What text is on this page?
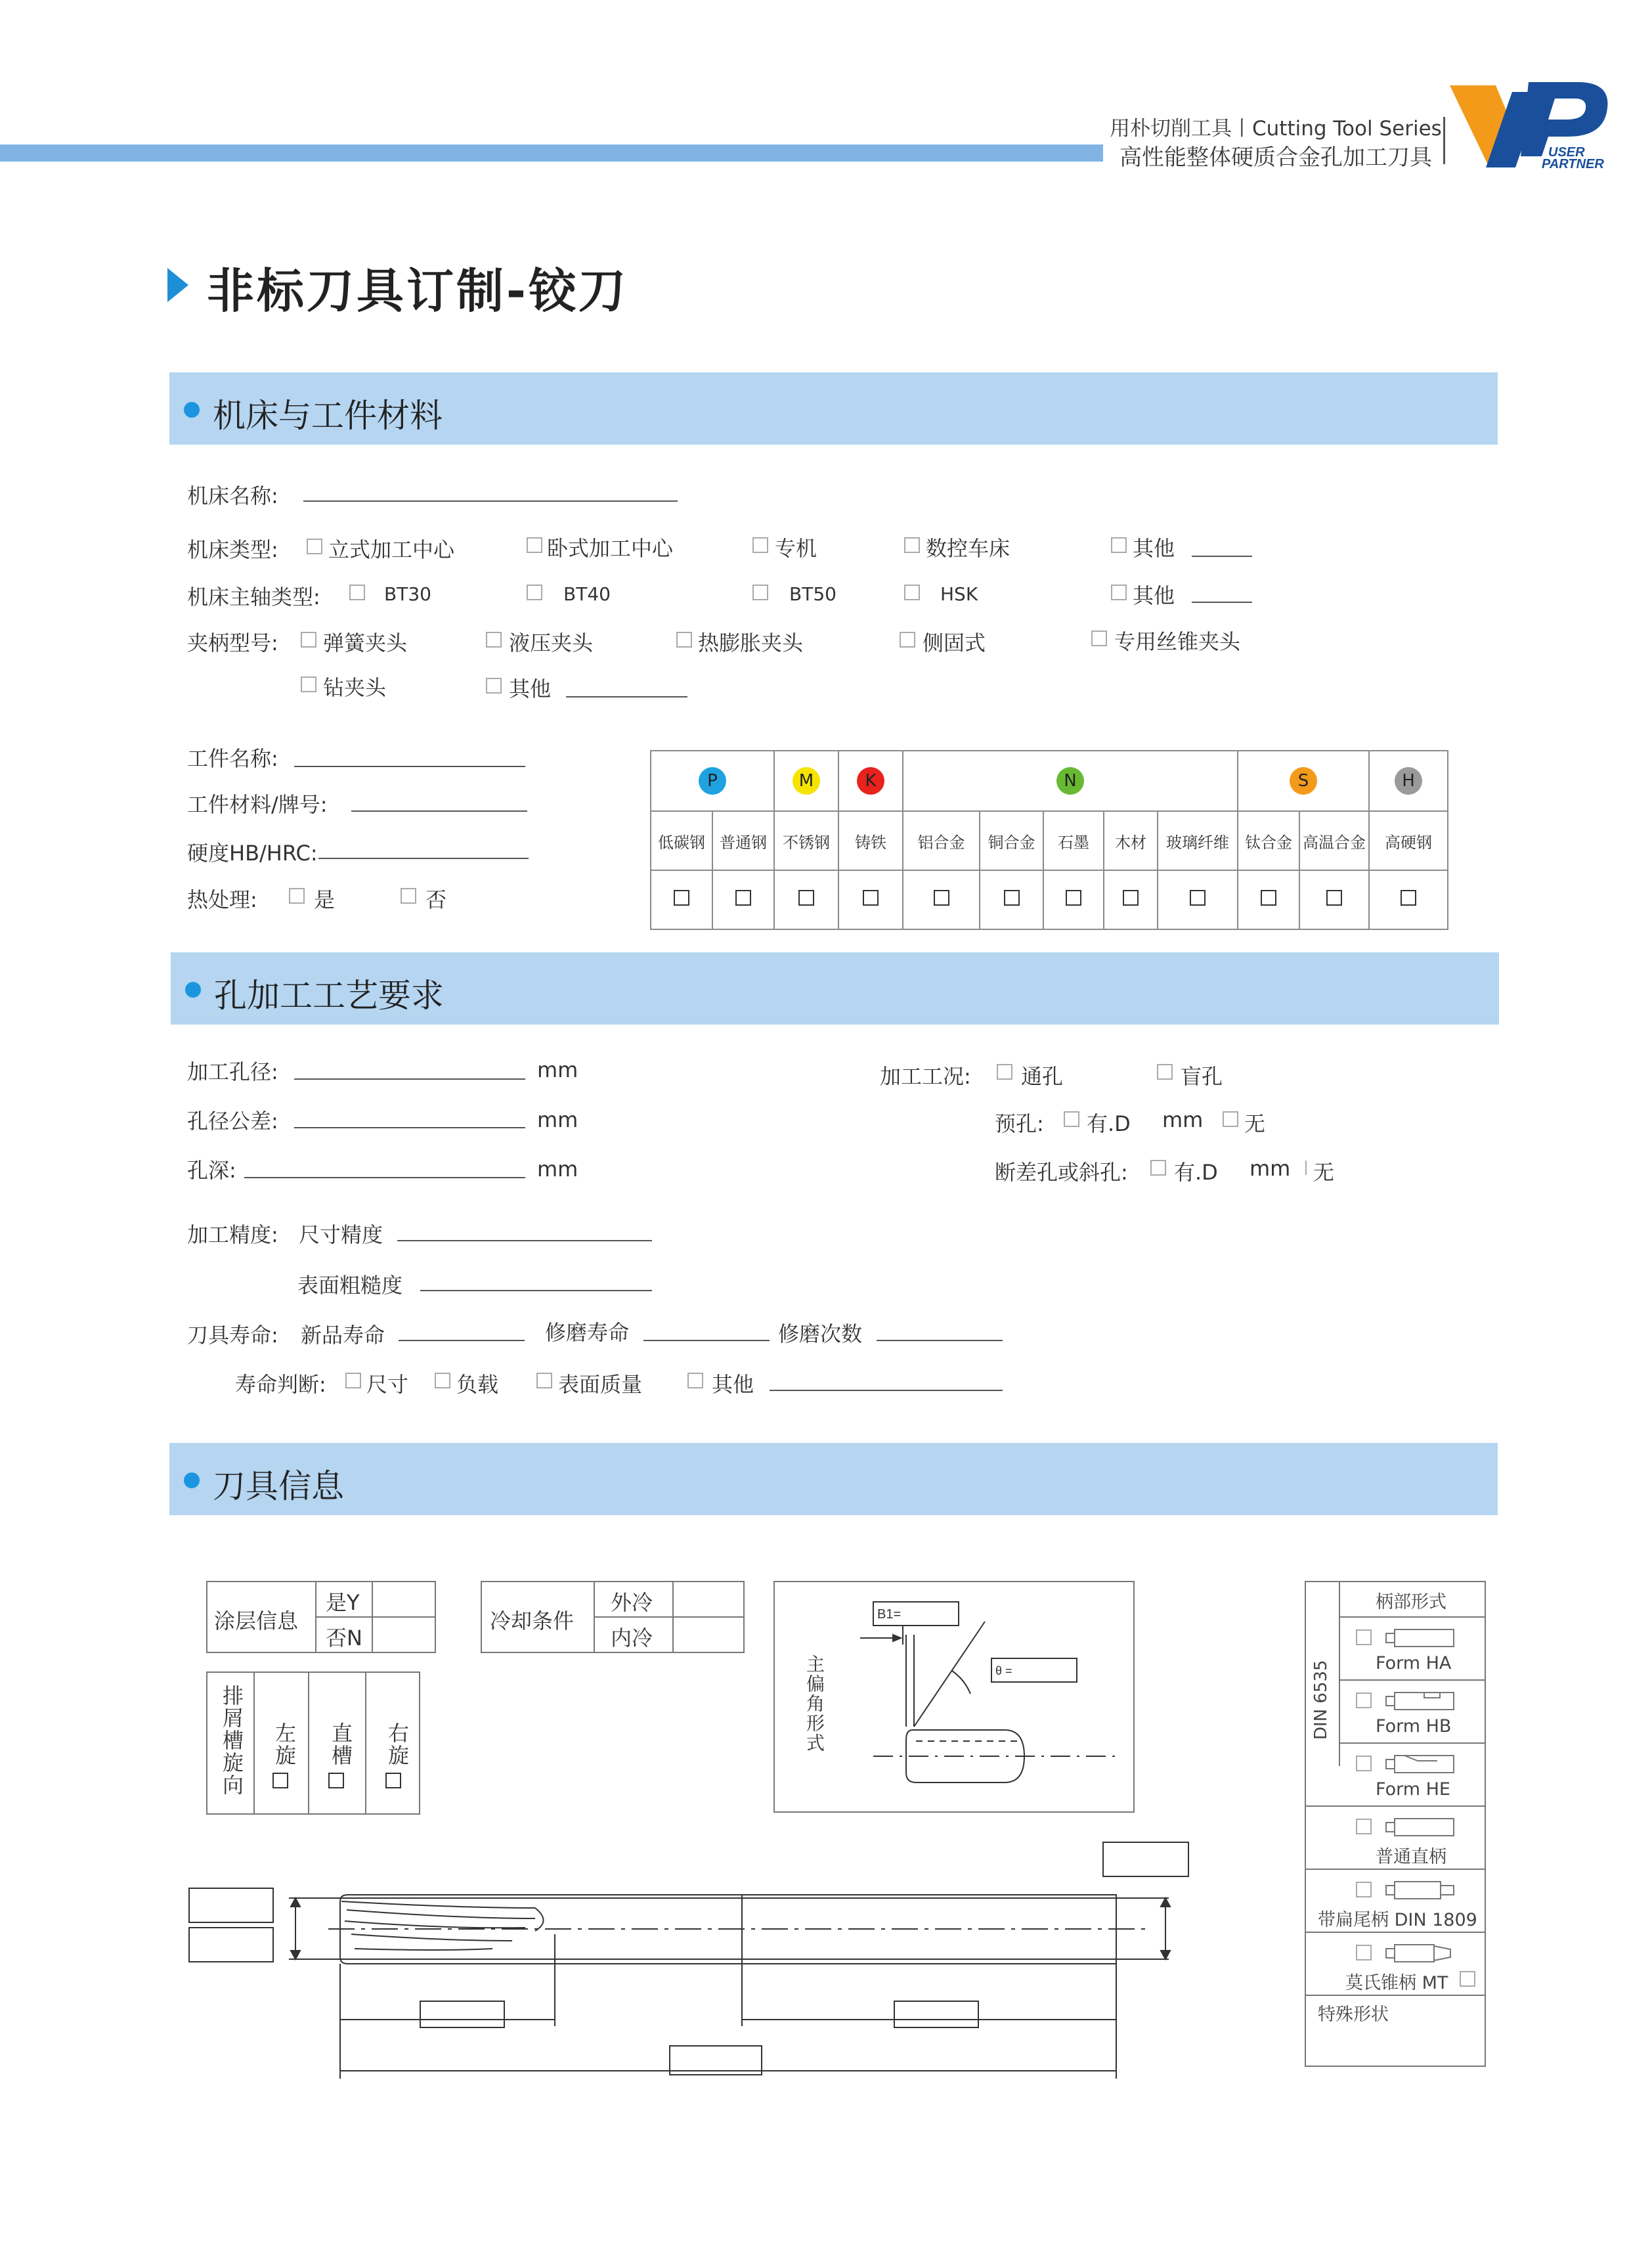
用朴切削工具丨Cutting Tool Series
高性能整体硬质合金孔加工刀具	USER
PARTNER
非标刀具订制-铰刀
机床与工件材料
机床名称:
机床类型: 立式加工中心	卧式加工中心	专机	数控车床	其他
机床主轴类型:	BT30	BT40	BT50	HSK	其他
夹柄型号: 弹簧夹头	液压夹头	热膨胀夹头	侧固式	专用丝锥夹头
钻夹头	其他
工件名称:
工件材料/牌号:
硬度HB/HRC:
热处理:	是	否
P		M	K	N					S		H
低碳钢	普通钢	不锈钢	铸铁	铝合金	铜合金	石墨	木材	玻璃纤维	钛合金	高温合金	高硬钢

孔加工工艺要求
加工孔径:	mm
孔径公差:	mm
孔深:	mm
加工工况: 通孔	盲孔
预孔: 有.D mm 无
断差孔或斜孔: 有.D mm 无
加工精度: 尺寸精度
表面粗糙度
刀具寿命: 新品寿命	修磨寿命	修磨次数
寿命判断: 尺寸 负载	表面质量	其他
刀具信息
涂层信息
是Y
否N
冷却条件
外冷
内冷
排屑槽旋向 左旋 直槽 右旋	主偏角形式
B1=
θ =
柄部形式
DIN 6535	Form HA
Form HB
Form HE
普通直柄
带扁尾柄 DIN 1809
莫氏锥柄 MT
特殊形状
